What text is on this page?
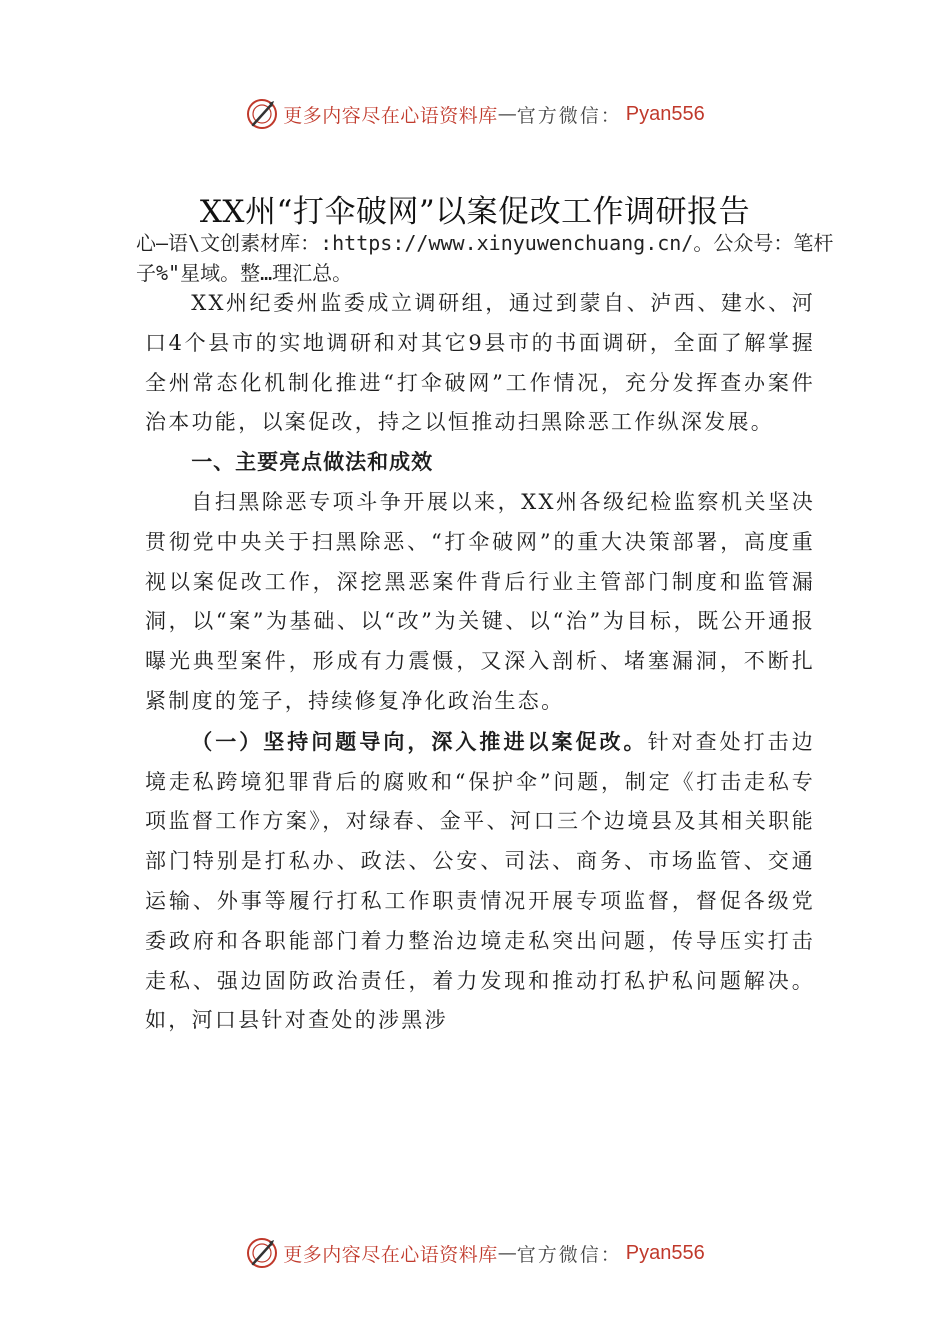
更多内容尽在心语资料库 — 官方微信： Pyan556
XX州“打伞破网”以案促改工作调研报告
心—语\文创素材库：:https://www.xinyuwenchuang.cn/。公众号：笔杆子%"星域。整…理汇总。

XX州纪委州监委成立调研组，通过到蒙自、泸西、建水、河口4个县市的实地调研和对其它9县市的书面调研，全面了解掌握全州常态化机制化推进“打伞破网”工作情况，充分发挥查办案件治本功能，以案促改，持之以恒推动扫黑除恶工作纵深发展。

一、主要亮点做法和成效

自扫黑除恶专项斗争开展以来，XX州各级纪检监察机关坚决贯彻党中央关于扫黑除恶、“打伞破网”的重大决策部署，高度重视以案促改工作，深挖黑恶案件背后行业主管部门制度和监管漏洞，以“案”为基础、以“改”为关键、以“治”为目标，既公开通报曝光典型案件，形成有力震慑，又深入剖析、堵塞漏洞，不断扎紧制度的笼子，持续修复净化政治生态。

（一）坚持问题导向，深入推进以案促改。针对查处打击边境走私跨境犯罪背后的腐败和“保护伞”问题，制定《打击走私专项监督工作方案》，对绿春、金平、河口三个边境县及其相关职能部门特别是打私办、政法、公安、司法、商务、市场监管、交通运输、外事等履行打私工作职责情况开展专项监督，督促各级党委政府和各职能部门着力整治边境走私突出问题，传导压实打击走私、强边固防政治责任，着力发现和推动打私护私问题解决。如，河口县针对查处的涉黑涉

更多内容尽在心语资料库 — 官方微信： Pyan556
